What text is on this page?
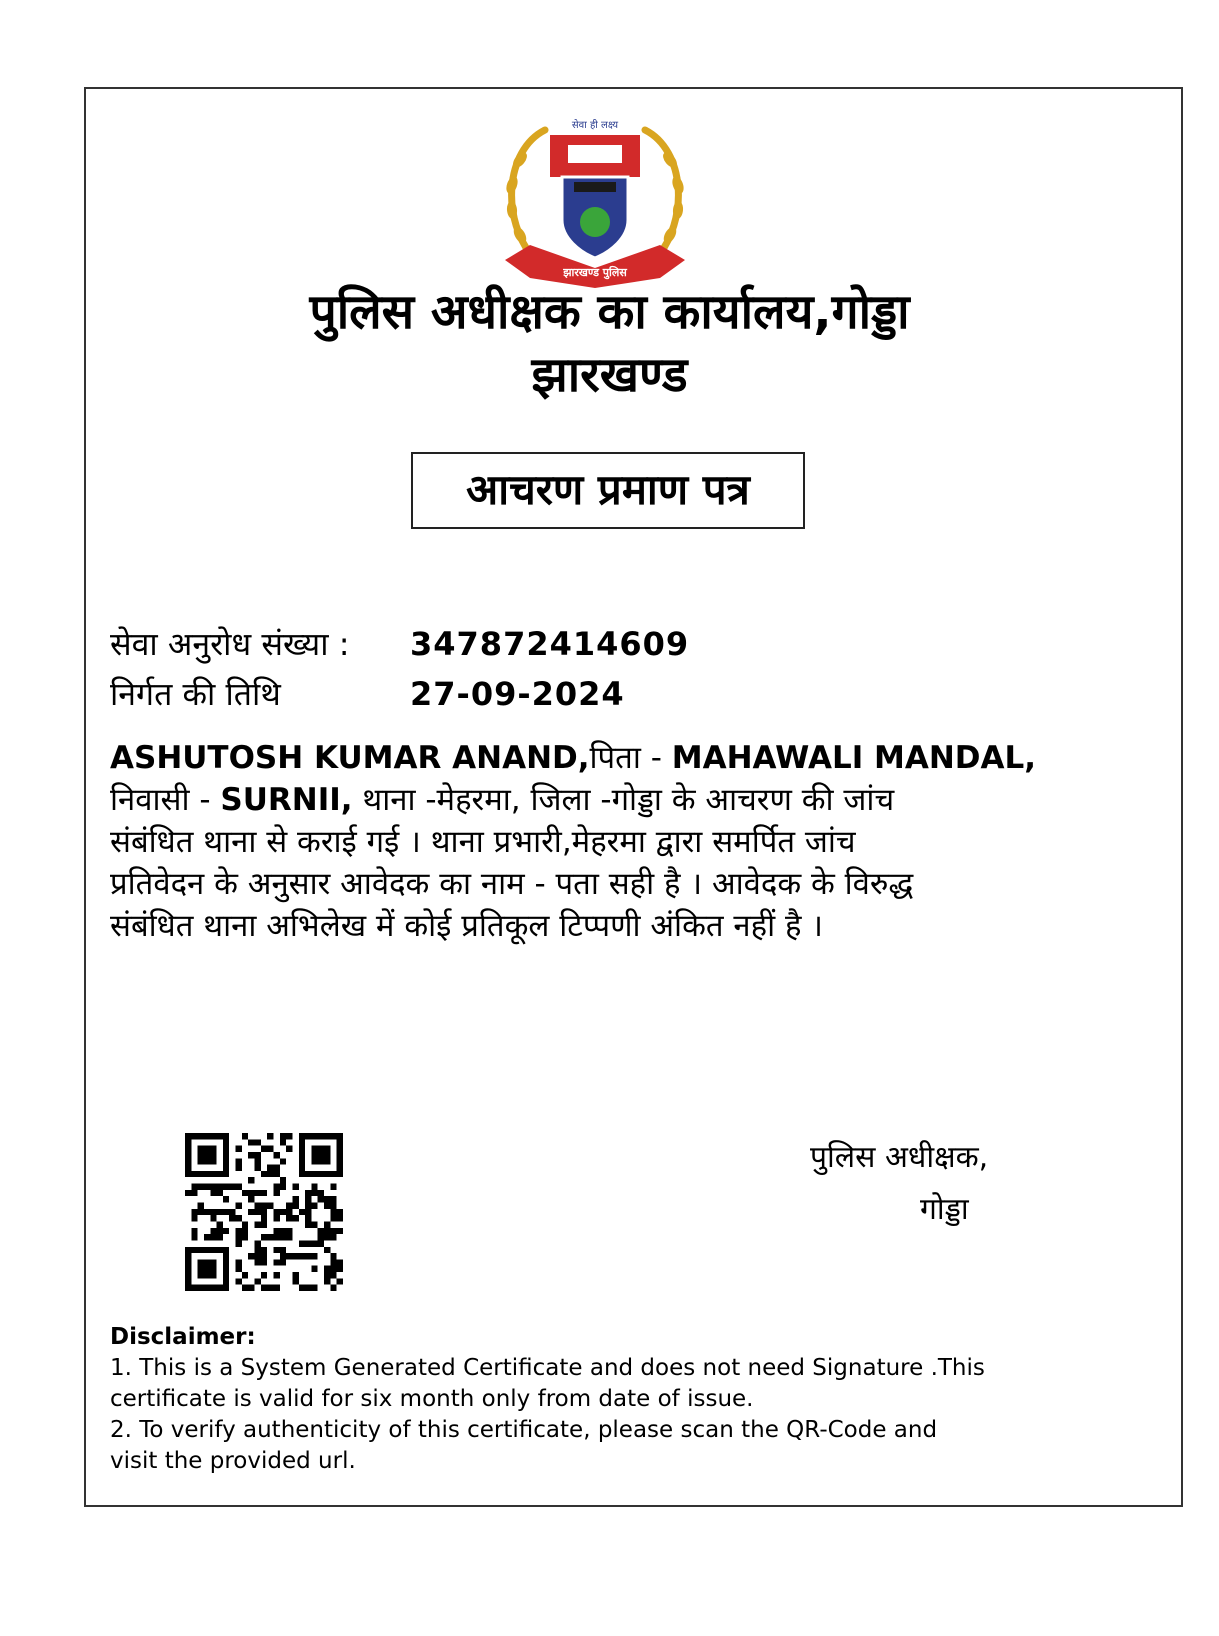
सेवा ही लक्ष्य
झारखण्ड पुलिस
पुलिस अधीक्षक का कार्यालय,गोड्डा
झारखण्ड
आचरण प्रमाण पत्र
सेवा अनुरोध संख्या : 347872414609
निर्गत की तिथि	27-09-2024
ASHUTOSH KUMAR ANAND,पिता - MAHAWALI MANDAL,
निवासी - SURNII, थाना -मेहरमा, जिला -गोड्डा के आचरण की जांच
संबंधित थाना से कराई गई । थाना प्रभारी,मेहरमा द्वारा समर्पित जांच
प्रतिवेदन के अनुसार आवेदक का नाम - पता सही है । आवेदक के विरुद्ध
संबंधित थाना अभिलेख में कोई प्रतिकूल टिप्पणी अंकित नहीं है ।
पुलिस अधीक्षक,
गोड्डा

Disclaimer:

1. This is a System Generated Certificate and does not need Signature .This

certificate is valid for six month only from date of issue.

2. To verify authenticity of this certificate, please scan the QR-Code and

visit the provided url.
